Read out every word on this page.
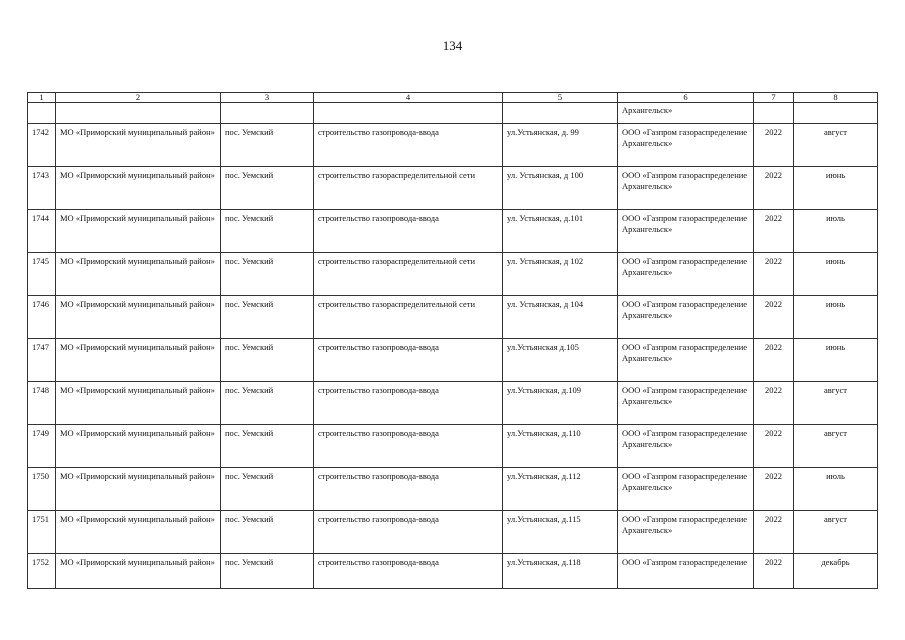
134
1	2	3	4	5	6	7	8
					Архангельск»		
1742	МО «Приморский муниципальный район»	пос. Уемский	строительство газопровода-ввода	ул.Устьянская, д. 99	ООО «Газпром газораспределение Архангельск»	2022	август
1743	МО «Приморский муниципальный район»	пос. Уемский	строительство газораспределительной сети	ул. Устьянская, д 100	ООО «Газпром газораспределение Архангельск»	2022	июнь
1744	МО «Приморский муниципальный район»	пос. Уемский	строительство газопровода-ввода	ул. Устьянская, д.101	ООО «Газпром газораспределение Архангельск»	2022	июль
1745	МО «Приморский муниципальный район»	пос. Уемский	строительство газораспределительной сети	ул. Устьянская, д 102	ООО «Газпром газораспределение Архангельск»	2022	июнь
1746	МО «Приморский муниципальный район»	пос. Уемский	строительство газораспределительной сети	ул. Устьянская, д 104	ООО «Газпром газораспределение Архангельск»	2022	июнь
1747	МО «Приморский муниципальный район»	пос. Уемский	строительство газопровода-ввода	ул.Устьянская д.105	ООО «Газпром газораспределение Архангельск»	2022	июнь
1748	МО «Приморский муниципальный район»	пос. Уемский	строительство газопровода-ввода	ул.Устьянская, д.109	ООО «Газпром газораспределение Архангельск»	2022	август
1749	МО «Приморский муниципальный район»	пос. Уемский	строительство газопровода-ввода	ул.Устьянская, д.110	ООО «Газпром газораспределение Архангельск»	2022	август
1750	МО «Приморский муниципальный район»	пос. Уемский	строительство газопровода-ввода	ул.Устьянская, д.112	ООО «Газпром газораспределение Архангельск»	2022	июль
1751	МО «Приморский муниципальный район»	пос. Уемский	строительство газопровода-ввода	ул.Устьянская, д.115	ООО «Газпром газораспределение Архангельск»	2022	август
1752	МО «Приморский муниципальный район»	пос. Уемский	строительство газопровода-ввода	ул.Устьянская, д.118	ООО «Газпром газораспределение	2022	декабрь
